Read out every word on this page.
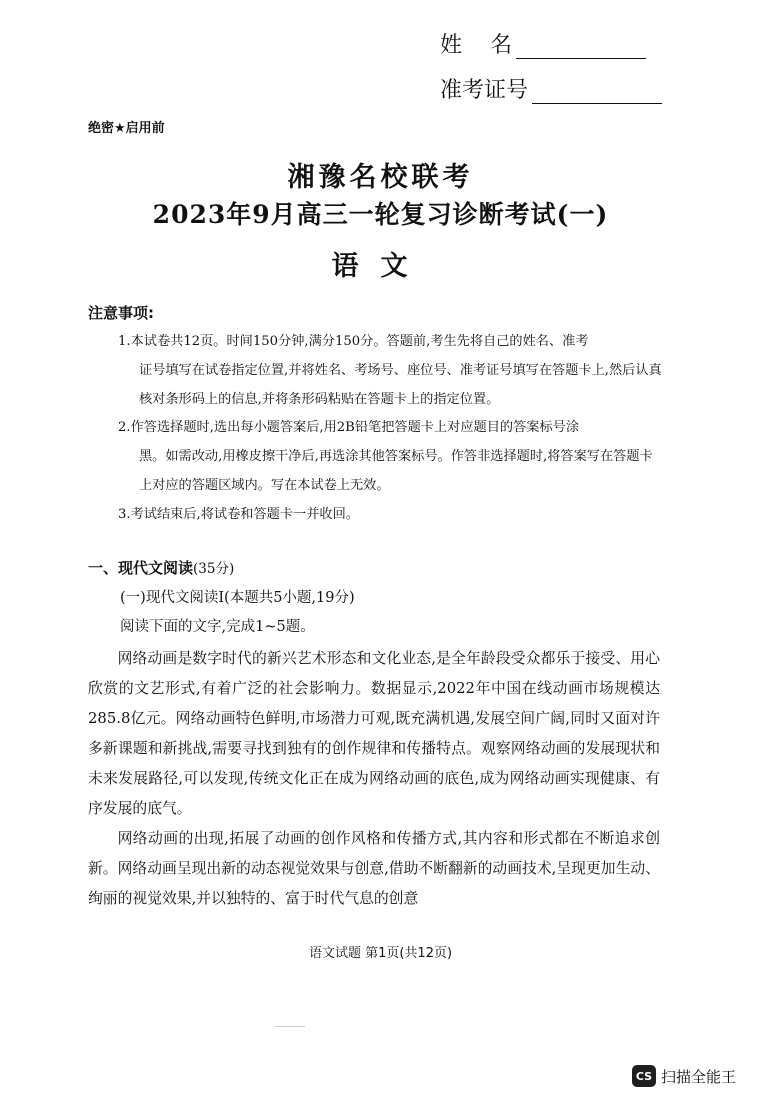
姓    名
准考证号
绝密★启用前
湘豫名校联考
2023年9月高三一轮复习诊断考试(一)
语文
注意事项:
1.本试卷共12页。时间150分钟,满分150分。答题前,考生先将自己的姓名、准考
证号填写在试卷指定位置,并将姓名、考场号、座位号、准考证号填写在答题卡上,然后认真核对条形码上的信息,并将条形码粘贴在答题卡上的指定位置。
2.作答选择题时,选出每小题答案后,用2B铅笔把答题卡上对应题目的答案标号涂
黑。如需改动,用橡皮擦干净后,再选涂其他答案标号。作答非选择题时,将答案写在答题卡上对应的答题区域内。写在本试卷上无效。
3.考试结束后,将试卷和答题卡一并收回。
一、现代文阅读(35分)
(一)现代文阅读Ⅰ(本题共5小题,19分)
阅读下面的文字,完成1~5题。

网络动画是数字时代的新兴艺术形态和文化业态,是全年龄段受众都乐于接受、用心欣赏的文艺形式,有着广泛的社会影响力。数据显示,2022年中国在线动画市场规模达285.8亿元。网络动画特色鲜明,市场潜力可观,既充满机遇,发展空间广阔,同时又面对许多新课题和新挑战,需要寻找到独有的创作规律和传播特点。观察网络动画的发展现状和未来发展路径,可以发现,传统文化正在成为网络动画的底色,成为网络动画实现健康、有序发展的底气。

网络动画的出现,拓展了动画的创作风格和传播方式,其内容和形式都在不断追求创新。网络动画呈现出新的动态视觉效果与创意,借助不断翻新的动画技术,呈现更加生动、绚丽的视觉效果,并以独特的、富于时代气息的创意

语文试题 第1页(共12页)
CS 扫描全能王
